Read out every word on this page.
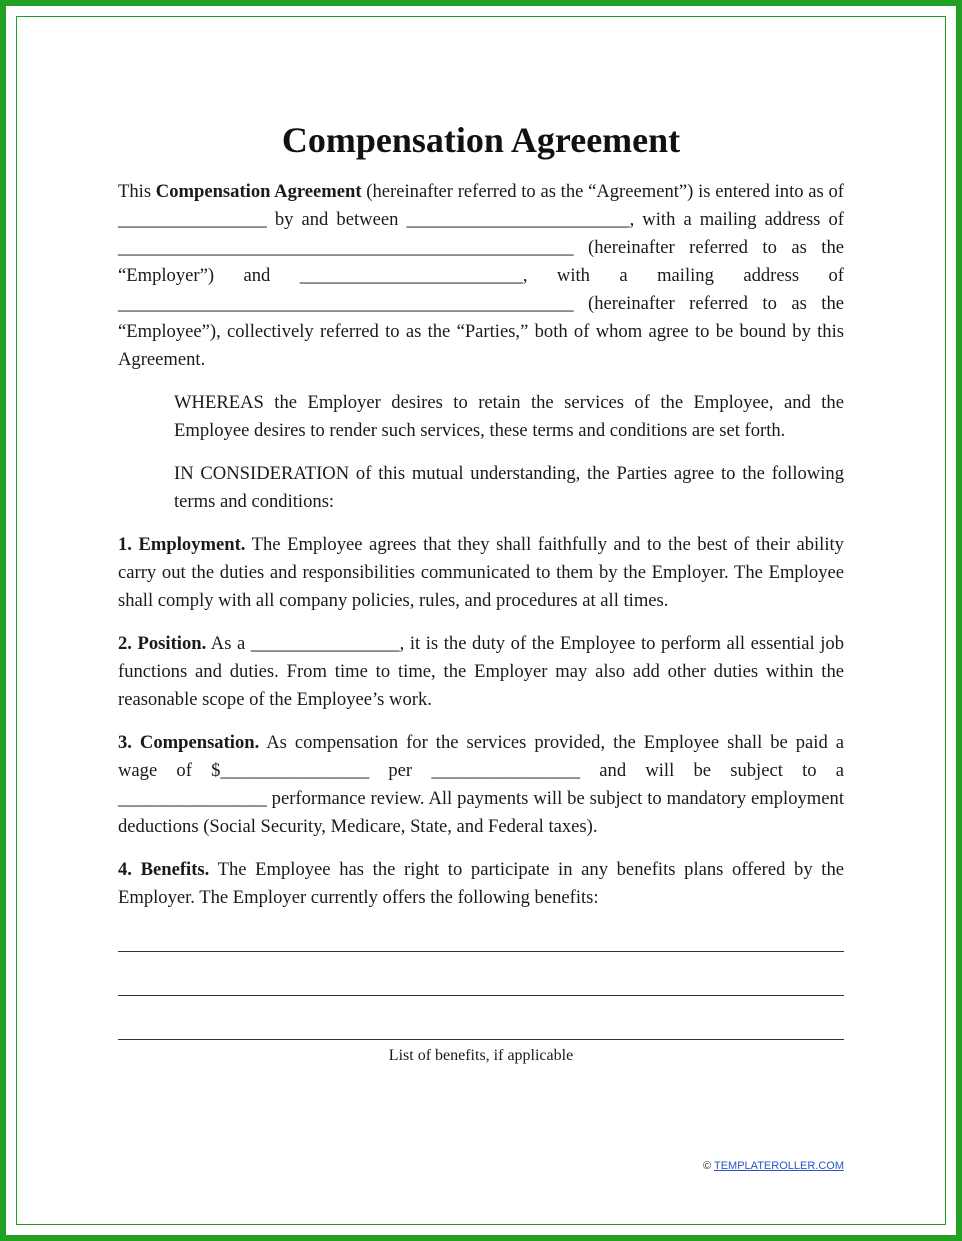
Compensation Agreement

This Compensation Agreement (hereinafter referred to as the “Agreement”) is entered into as of ________________ by and between ________________________, with a mailing address of _________________________________________________ (hereinafter referred to as the “Employer”) and ________________________, with a mailing address of _________________________________________________ (hereinafter referred to as the “Employee”), collectively referred to as the “Parties,” both of whom agree to be bound by this Agreement.

WHEREAS the Employer desires to retain the services of the Employee, and the Employee desires to render such services, these terms and conditions are set forth.

IN CONSIDERATION of this mutual understanding, the Parties agree to the following terms and conditions:

1. Employment. The Employee agrees that they shall faithfully and to the best of their ability carry out the duties and responsibilities communicated to them by the Employer. The Employee shall comply with all company policies, rules, and procedures at all times.

2. Position. As a ________________, it is the duty of the Employee to perform all essential job functions and duties. From time to time, the Employer may also add other duties within the reasonable scope of the Employee’s work.

3. Compensation. As compensation for the services provided, the Employee shall be paid a wage of $________________ per ________________ and will be subject to a ________________ performance review. All payments will be subject to mandatory employment deductions (Social Security, Medicare, State, and Federal taxes).

4. Benefits. The Employee has the right to participate in any benefits plans offered by the Employer. The Employer currently offers the following benefits:

List of benefits, if applicable
© TEMPLATEROLLER.COM
